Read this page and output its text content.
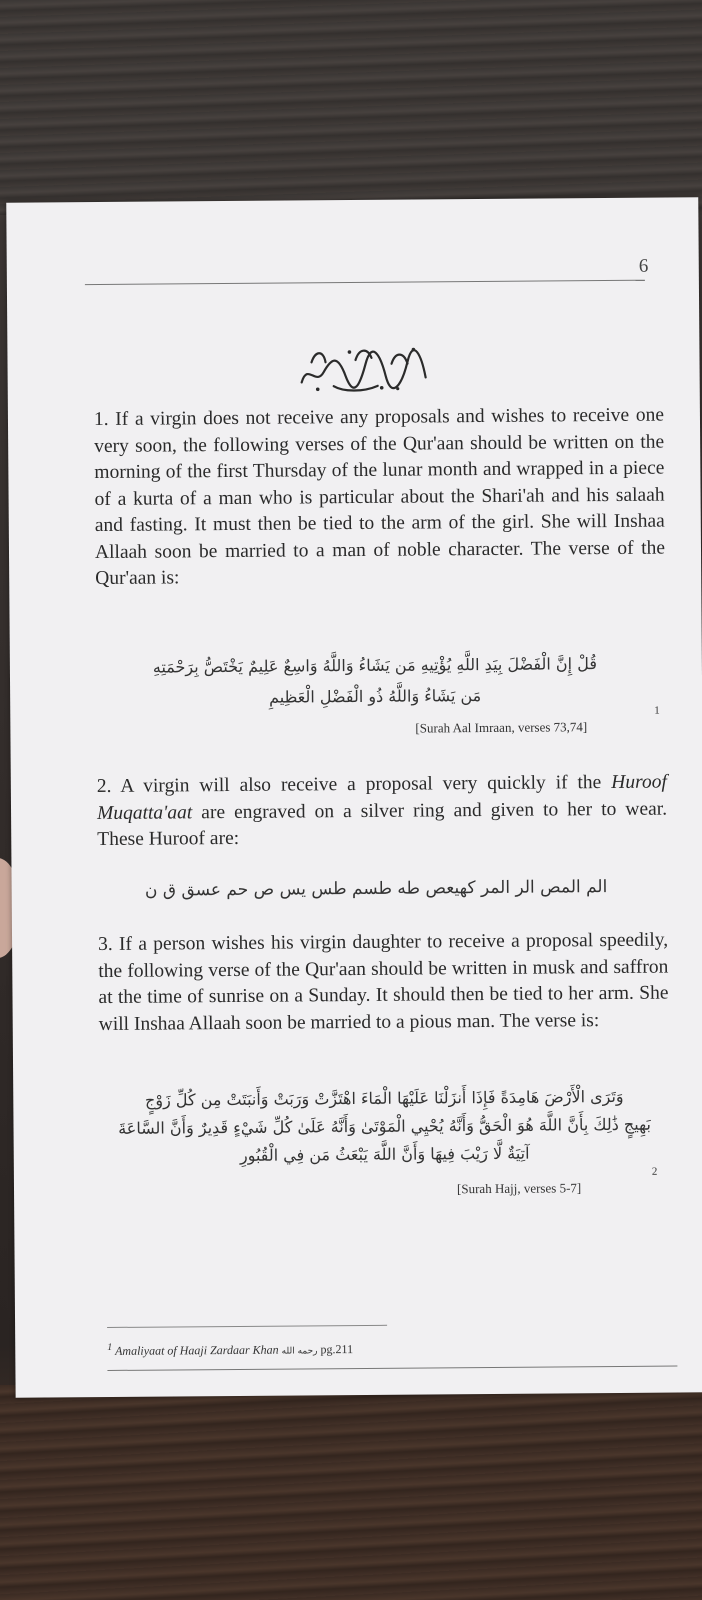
6

1. If a virgin does not receive any proposals and wishes to receive one very soon, the following verses of the Qur'aan should be written on the morning of the first Thursday of the lunar month and wrapped in a piece of a kurta of a man who is particular about the Shari'ah and his salaah and fasting. It must then be tied to the arm of the girl. She will Inshaa Allaah soon be married to a man of noble character. The verse of the Qur'aan is:

قُلْ إِنَّ الْفَضْلَ بِيَدِ اللَّهِ يُؤْتِيهِ مَن يَشَاءُ وَاللَّهُ وَاسِعٌ عَلِيمٌ يَخْتَصُّ بِرَحْمَتِهِ
مَن يَشَاءُ وَاللَّهُ ذُو الْفَضْلِ الْعَظِيمِ
[Surah Aal Imraan, verses 73,74]
1

2. A virgin will also receive a proposal very quickly if the Huroof Muqatta'aat are engraved on a silver ring and given to her to wear. These Huroof are:

الم المص الر المر كهيعص طه طسم طس يس ص حم عسق ق ن

3. If a person wishes his virgin daughter to receive a proposal speedily, the following verse of the Qur'aan should be written in musk and saffron at the time of sunrise on a Sunday. It should then be tied to her arm. She will Inshaa Allaah soon be married to a pious man. The verse is:

وَتَرَى الْأَرْضَ هَامِدَةً فَإِذَا أَنزَلْنَا عَلَيْهَا الْمَاءَ اهْتَزَّتْ وَرَبَتْ وَأَنبَتَتْ مِن كُلِّ زَوْجٍ
بَهِيجٍ ذَٰلِكَ بِأَنَّ اللَّهَ هُوَ الْحَقُّ وَأَنَّهُ يُحْيِي الْمَوْتَىٰ وَأَنَّهُ عَلَىٰ كُلِّ شَيْءٍ قَدِيرٌ وَأَنَّ السَّاعَةَ
آتِيَةٌ لَّا رَيْبَ فِيهَا وَأَنَّ اللَّهَ يَبْعَثُ مَن فِي الْقُبُورِ
[Surah Hajj, verses 5-7]
2
$^1$ Amaliyaat of Haaji Zardaar Khan رحمه الله pg.211
